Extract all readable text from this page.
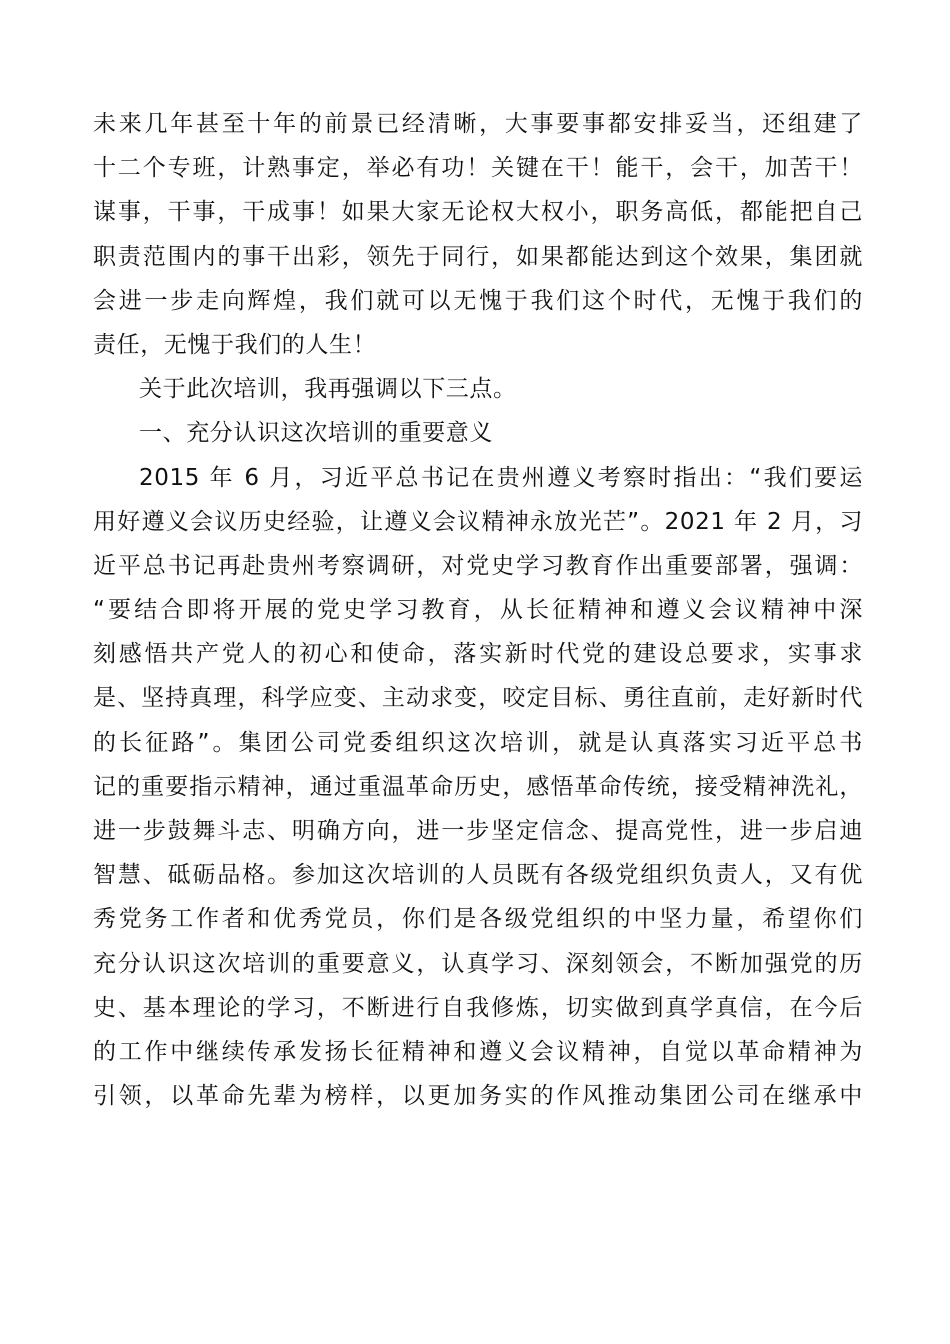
未来几年甚至十年的前景已经清晰，大事要事都安排妥当，还组建了
十二个专班，计熟事定，举必有功！关键在干！能干，会干，加苦干！
谋事，干事，干成事！如果大家无论权大权小，职务高低，都能把自己
职责范围内的事干出彩，领先于同行，如果都能达到这个效果，集团就
会进一步走向辉煌，我们就可以无愧于我们这个时代，无愧于我们的
责任，无愧于我们的人生！
关于此次培训，我再强调以下三点。
一、充分认识这次培训的重要意义
2015 年 6 月，习近平总书记在贵州遵义考察时指出：“我们要运
用好遵义会议历史经验，让遵义会议精神永放光芒”。2021 年 2 月，习
近平总书记再赴贵州考察调研，对党史学习教育作出重要部署，强调：
“要结合即将开展的党史学习教育，从长征精神和遵义会议精神中深
刻感悟共产党人的初心和使命，落实新时代党的建设总要求，实事求
是、坚持真理，科学应变、主动求变，咬定目标、勇往直前，走好新时代
的长征路”。集团公司党委组织这次培训，就是认真落实习近平总书
记的重要指示精神，通过重温革命历史，感悟革命传统，接受精神洗礼，
进一步鼓舞斗志、明确方向，进一步坚定信念、提高党性，进一步启迪
智慧、砥砺品格。参加这次培训的人员既有各级党组织负责人，又有优
秀党务工作者和优秀党员，你们是各级党组织的中坚力量，希望你们
充分认识这次培训的重要意义，认真学习、深刻领会，不断加强党的历
史、基本理论的学习，不断进行自我修炼，切实做到真学真信，在今后
的工作中继续传承发扬长征精神和遵义会议精神，自觉以革命精神为
引领，以革命先辈为榜样，以更加务实的作风推动集团公司在继承中
